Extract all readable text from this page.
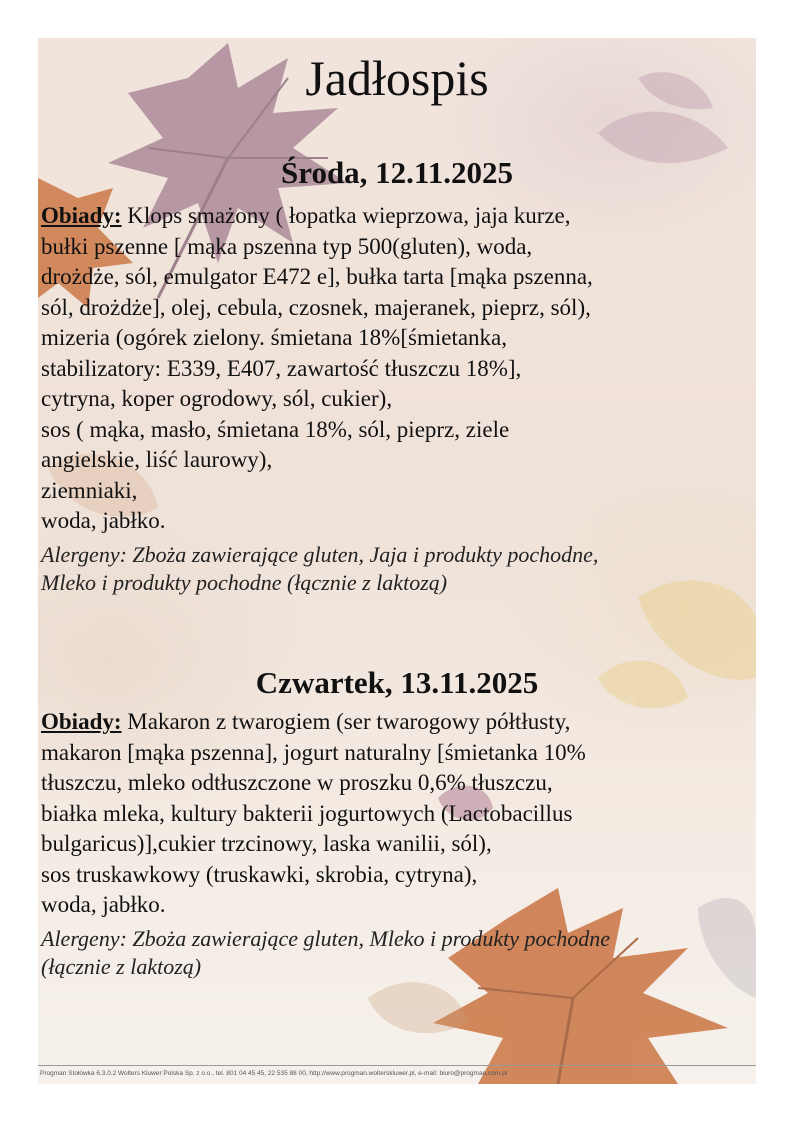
Jadłospis
Środa, 12.11.2025

Obiady: Klops smażony ( łopatka wieprzowa, jaja kurze,
bułki pszenne [ mąka pszenna typ 500(gluten), woda,
drożdże, sól, emulgator E472 e], bułka tarta [mąka pszenna,
sól, drożdże], olej, cebula, czosnek, majeranek, pieprz, sól),
mizeria (ogórek zielony. śmietana 18%[śmietanka,
stabilizatory: E339, E407, zawartość tłuszczu 18%],
cytryna, koper ogrodowy, sól, cukier),
sos ( mąka, masło, śmietana 18%, sól, pieprz, ziele
angielskie, liść laurowy),
ziemniaki,
woda, jabłko.

Alergeny: Zboża zawierające gluten, Jaja i produkty pochodne,
Mleko i produkty pochodne (łącznie z laktozą)

Czwartek, 13.11.2025

Obiady: Makaron z twarogiem (ser twarogowy półtłusty,
makaron [mąka pszenna], jogurt naturalny [śmietanka 10%
tłuszczu, mleko odtłuszczone w proszku 0,6% tłuszczu,
białka mleka, kultury bakterii jogurtowych (Lactobacillus
bulgaricus)],cukier trzcinowy, laska wanilii, sól),
sos truskawkowy (truskawki, skrobia, cytryna),
woda, jabłko.

Alergeny: Zboża zawierające gluten, Mleko i produkty pochodne
(łącznie z laktozą)

Progman Stołówka 6.3.0.2 Wolters Kluwer Polska Sp. z o.o., tel. 801 04 45 45, 22 535 88 00, http://www.progman.wolterskluwer.pl, e-mail: biuro@progman.com.pl
